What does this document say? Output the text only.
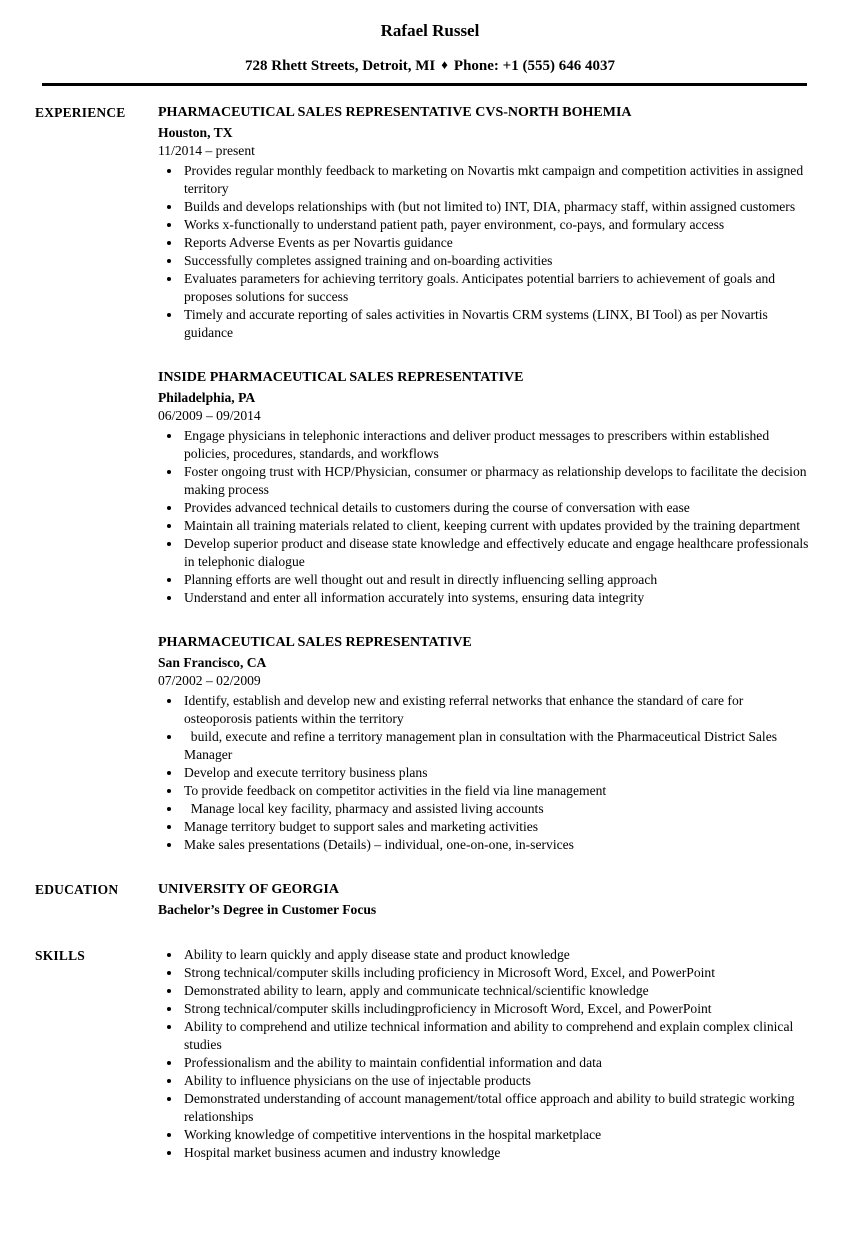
Rafael Russel
728 Rhett Streets, Detroit, MI ♦ Phone: +1 (555) 646 4037
EXPERIENCE	PHARMACEUTICAL SALES REPRESENTATIVE CVS-NORTH BOHEMIA
Houston, TX
11/2014 – present
• Provides regular monthly feedback to marketing on Novartis mkt campaign and competition activities in assigned territory
• Builds and develops relationships with (but not limited to) INT, DIA, pharmacy staff, within assigned customers
• Works x-functionally to understand patient path, payer environment, co-pays, and formulary access
• Reports Adverse Events as per Novartis guidance
• Successfully completes assigned training and on-boarding activities
• Evaluates parameters for achieving territory goals. Anticipates potential barriers to achievement of goals and proposes solutions for success
• Timely and accurate reporting of sales activities in Novartis CRM systems (LINX, BI Tool) as per Novartis guidance
INSIDE PHARMACEUTICAL SALES REPRESENTATIVE
Philadelphia, PA
06/2009 – 09/2014
• Engage physicians in telephonic interactions and deliver product messages to prescribers within established policies, procedures, standards, and workflows
• Foster ongoing trust with HCP/Physician, consumer or pharmacy as relationship develops to facilitate the decision making process
• Provides advanced technical details to customers during the course of conversation with ease
• Maintain all training materials related to client, keeping current with updates provided by the training department
• Develop superior product and disease state knowledge and effectively educate and engage healthcare professionals in telephonic dialogue
• Planning efforts are well thought out and result in directly influencing selling approach
• Understand and enter all information accurately into systems, ensuring data integrity
PHARMACEUTICAL SALES REPRESENTATIVE
San Francisco, CA
07/2002 – 02/2009
• Identify, establish and develop new and existing referral networks that enhance the standard of care for osteoporosis patients within the territory
•   build, execute and refine a territory management plan in consultation with the Pharmaceutical District Sales Manager
• Develop and execute territory business plans
• To provide feedback on competitor activities in the field via line management
•   Manage local key facility, pharmacy and assisted living accounts
• Manage territory budget to support sales and marketing activities
• Make sales presentations (Details) – individual, one-on-one, in-services
EDUCATION	UNIVERSITY OF GEORGIA
Bachelor’s Degree in Customer Focus
SKILLS	• Ability to learn quickly and apply disease state and product knowledge
• Strong technical/computer skills including proficiency in Microsoft Word, Excel, and PowerPoint
• Demonstrated ability to learn, apply and communicate technical/scientific knowledge
• Strong technical/computer skills includingproficiency in Microsoft Word, Excel, and PowerPoint
• Ability to comprehend and utilize technical information and ability to comprehend and explain complex clinical studies
• Professionalism and the ability to maintain confidential information and data
• Ability to influence physicians on the use of injectable products
• Demonstrated understanding of account management/total office approach and ability to build strategic working relationships
• Working knowledge of competitive interventions in the hospital marketplace
• Hospital market business acumen and industry knowledge
